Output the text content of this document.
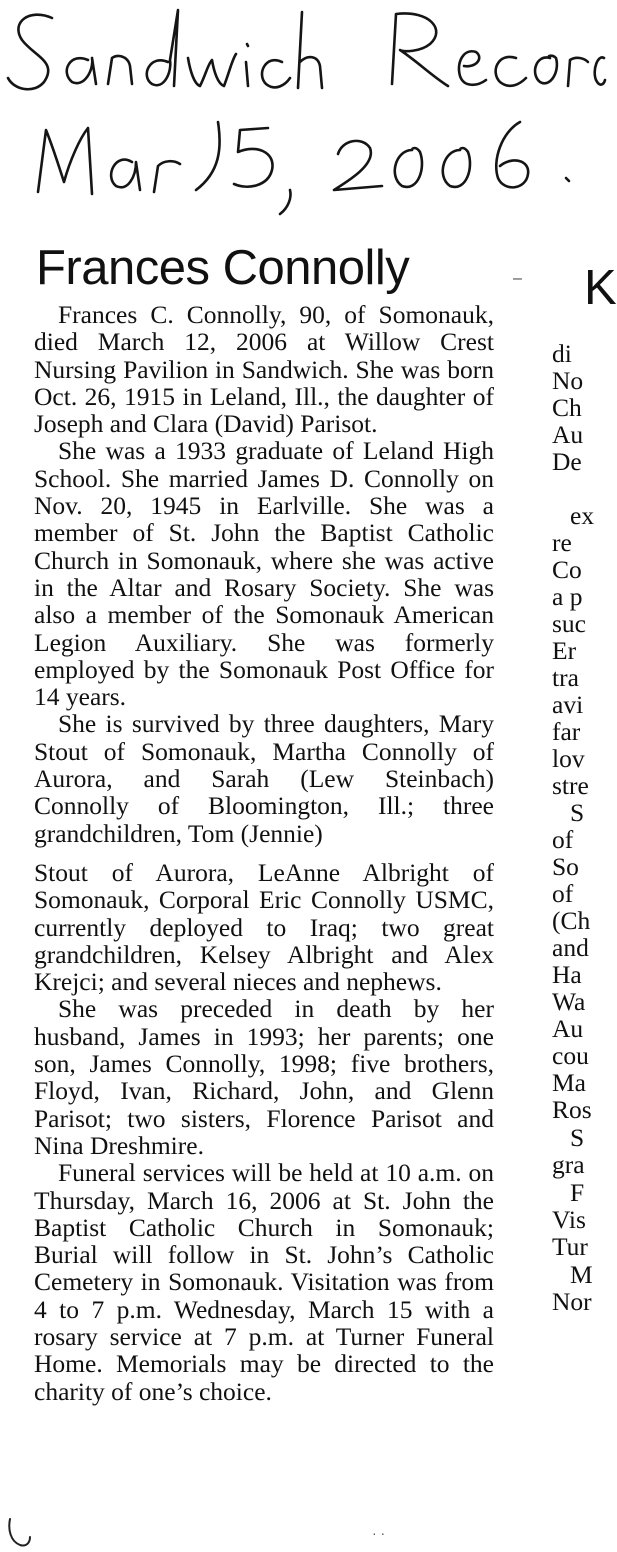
Frances Connolly	–

Frances C. Connolly, 90, of Somonauk, died March 12, 2006 at Willow Crest Nursing Pavilion in Sandwich. She was born Oct. 26, 1915 in Leland, Ill., the daughter of Joseph and Clara (David) Parisot.

She was a 1933 graduate of Leland High School. She married James D. Connolly on Nov. 20, 1945 in Earlville. She was a member of St. John the Baptist Catholic Church in Somonauk, where she was active in the Altar and Rosary Society. She was also a member of the Somonauk American Legion Auxiliary. She was formerly employed by the Somonauk Post Office for 14 years.

She is survived by three daughters, Mary Stout of Somonauk, Martha Connolly of Aurora, and Sarah (Lew Steinbach) Connolly of Bloomington, Ill.; three grandchildren, Tom (Jennie)

Stout of Aurora, LeAnne Albright of Somonauk, Corporal Eric Connolly USMC, currently deployed to Iraq; two great grandchildren, Kelsey Albright and Alex Krejci; and several nieces and nephews.

She was preceded in death by her husband, James in 1993; her parents; one son, James Connolly, 1998; five brothers, Floyd, Ivan, Richard, John, and Glenn Parisot; two sisters, Florence Parisot and Nina Dreshmire.

Funeral services will be held at 10 a.m. on Thursday, March 16, 2006 at St. John the Baptist Catholic Church in Somonauk; Burial will follow in St. John’s Catholic Cemetery in Somonauk. Visitation was from 4 to 7 p.m. Wednesday, March 15 with a rosary service at 7 p.m. at Turner Funeral Home. Memorials may be directed to the charity of one’s choice.

K
di
No
Ch
Au
De
ex
re
Co
a p
suc
Er
tra
avi
far
lov
stre
S
of
So
of
(Ch
and
Ha
Wa
Au
cou
Ma
Ros
S
gra
F
Vis
Tur
M
Nor
· ·
